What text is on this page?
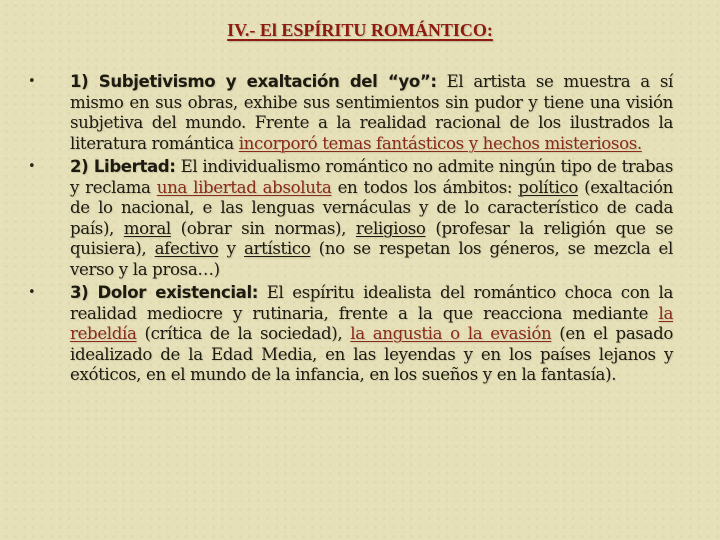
IV.- El ESPÍRITU ROMÁNTICO:
• 1) Subjetivismo y exaltación del “yo”: El artista se muestra a sí mismo en sus obras, exhibe sus sentimientos sin pudor y tiene una visión subjetiva del mundo. Frente a la realidad racional de los ilustrados la literatura romántica incorporó temas fantásticos y hechos misteriosos.
• 2) Libertad: El individualismo romántico no admite ningún tipo de trabas y reclama una libertad absoluta en todos los ámbitos: político (exaltación de lo nacional, e las lenguas vernáculas y de lo característico de cada país), moral (obrar sin normas), religioso (profesar la religión que se quisiera), afectivo y artístico (no se respetan los géneros, se mezcla el verso y la prosa…)
• 3) Dolor existencial: El espíritu idealista del romántico choca con la realidad mediocre y rutinaria, frente a la que reacciona mediante la rebeldía (crítica de la sociedad), la angustia o la evasión (en el pasado idealizado de la Edad Media, en las leyendas y en los países lejanos y exóticos, en el mundo de la infancia, en los sueños y en la fantasía).
